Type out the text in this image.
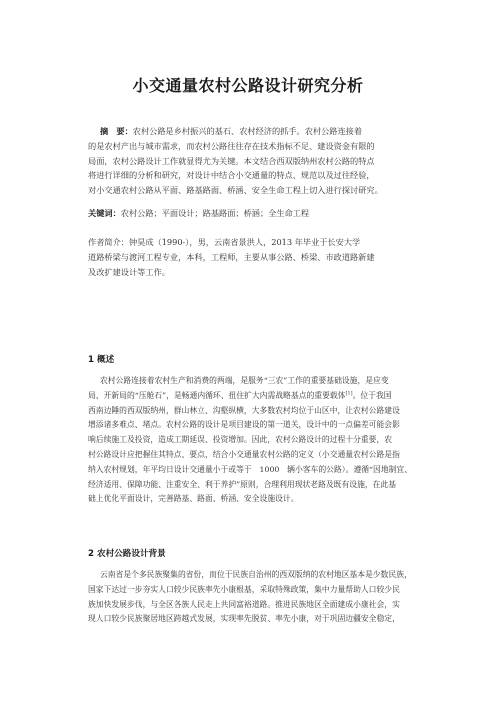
小交通量农村公路设计研究分析
摘　要：农村公路是乡村振兴的基石、农村经济的抓手。农村公路连接着
的是农村产出与城市需求，而农村公路往往存在技术指标不足、建设资金有限的
局面，农村公路设计工作就显得尤为关键。本文结合西双版纳州农村公路的特点
将进行详细的分析和研究，对设计中结合小交通量的特点、规范以及过往经验，
对小交通农村公路从平面、路基路面、桥涵、安全生命工程上切入进行探讨研究。
关键词：农村公路；平面设计；路基路面；桥涵；全生命工程
作者简介：钟昊成（1990-），男，云南省景洪人，2013 年毕业于长安大学
道路桥梁与渡河工程专业，本科，工程师，主要从事公路、桥梁、市政道路新建
及改扩建设计等工作。
1 概述
农村公路连接着农村生产和消费的两端，是服务“三农”工作的重要基础设施，是应变
局、开新局的“压舱石”，是畅通内循环、扭住扩大内需战略基点的重要载体[1]。位于我国
西南边陲的西双版纳州，群山林立、沟壑纵横，大多数农村均位于山区中，让农村公路建设
增添诸多难点、堵点。农村公路的设计是项目建设的第一道关，设计中的一点偏差可能会影
响后续施工及投资，造成工期延误、投资增加。因此，农村公路设计的过程十分重要，农
村公路设计应把握住其特点、要点，结合小交通量农村公路的定义（小交通量农村公路是指
纳入农村规划，年平均日设计交通量小于或等于　1000　辆小客车的公路）。遵循“因地制宜、
经济适用、保障功能、注重安全、利于养护”原则，合理利用现状老路及既有设施，在此基
础上优化平面设计，完善路基、路面、桥涵、安全设施设计。
2 农村公路设计背景
云南省是个多民族聚集的省份，而位于民族自治州的西双版纳的农村地区基本是少数民族，
国家下达过一步夯实人口较少民族率先小康根基，采取特殊政策，集中力量帮助人口较少民
族加快发展步伐，与全区各族人民走上共同富裕道路。推进民族地区全面建成小康社会，实
现人口较少民族聚居地区跨越式发展，实现率先脱贫、率先小康，对于巩固边疆安全稳定，
